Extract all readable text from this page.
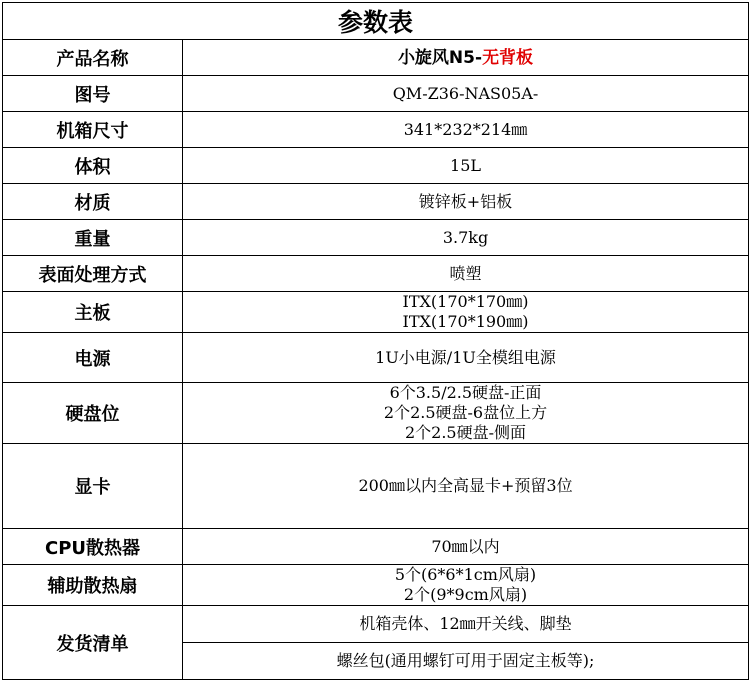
参数表	
产品名称	小旋风N5-无背板
图号	QM-Z36-NAS05A-

机箱尺寸	341*232*214㎜

体积	15L

材质	镀锌板+铝板

重量	3.7kg

表面处理方式	喷塑

主板	ITX(170*170㎜)
ITX(170*190㎜)

电源	1U小电源/1U全模组电源

硬盘位	6个3.5/2.5硬盘-正面
2个2.5硬盘-6盘位上方
2个2.5硬盘-侧面

显卡	200㎜以内全高显卡+预留3位

CPU散热器	70㎜以内

辅助散热扇	5个(6*6*1cm风扇)
2个(9*9cm风扇)

发货清单	机箱壳体、12㎜开关线、脚垫
	螺丝包(通用螺钉可用于固定主板等);
